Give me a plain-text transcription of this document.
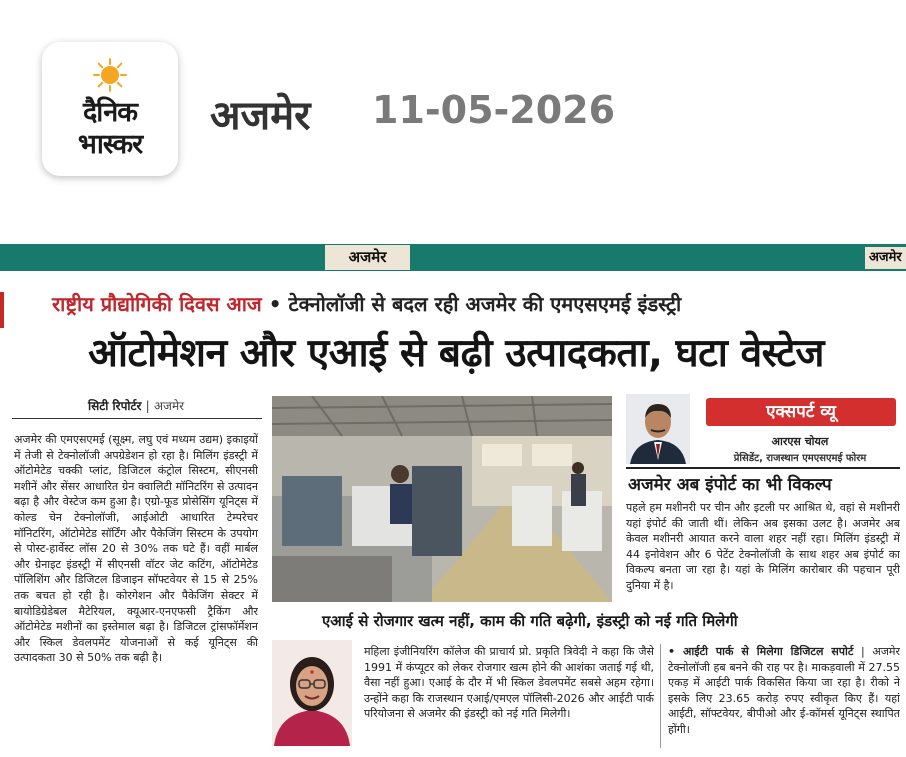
दैनिक
भास्कर
अजमेर 11-05-2026
अजमेर	अजमेर
राष्ट्रीय प्रौद्योगिकी दिवस आज • टेक्नोलॉजी से बदल रही अजमेर की एमएसएमई इंडस्ट्री
ऑटोमेशन और एआई से बढ़ी उत्पादकता, घटा वेस्टेज
सिटी रिपोर्टर | अजमेर
अजमेर की एमएसएमई (सूक्ष्म, लघु एवं मध्यम उद्यम) इकाइयों में तेजी से टेक्नोलॉजी अपग्रेडेशन हो रहा है। मिलिंग इंडस्ट्री में ऑटोमेटेड चक्की प्लांट, डिजिटल कंट्रोल सिस्टम, सीएनसी मशीनें और सेंसर आधारित ग्रेन क्वालिटी मॉनिटरिंग से उत्पादन बढ़ा है और वेस्टेज कम हुआ है। एग्रो-फूड प्रोसेसिंग यूनिट्स में कोल्ड चेन टेक्नोलॉजी, आईओटी आधारित टेम्परेचर मॉनिटरिंग, ऑटोमेटेड सॉर्टिंग और पैकेजिंग सिस्टम के उपयोग से पोस्ट-हार्वेस्ट लॉस 20 से 30% तक घटे हैं। वहीं मार्बल और ग्रेनाइट इंडस्ट्री में सीएनसी वॉटर जेट कटिंग, ऑटोमेटेड पॉलिशिंग और डिजिटल डिजाइन सॉफ्टवेयर से 15 से 25% तक बचत हो रही है। कोरगेशन और पैकेजिंग सेक्टर में बायोडिग्रेडेबल मैटेरियल, क्यूआर-एनएफसी ट्रैकिंग और ऑटोमेटेड मशीनों का इस्तेमाल बढ़ा है। डिजिटल ट्रांसफॉर्मेशन और स्किल डेवलपमेंट योजनाओं से कई यूनिट्स की उत्पादकता 30 से 50% तक बढ़ी है।
एक्सपर्ट व्यू
आरएस चोयल
प्रेसिडेंट, राजस्थान एमएसएमई फोरम
अजमेर अब इंपोर्ट का भी विकल्प
पहले हम मशीनरी पर चीन और इटली पर आश्रित थे, वहां से मशीनरी यहां इंपोर्ट की जाती थीं। लेकिन अब इसका उलट है। अजमेर अब केवल मशीनरी आयात करने वाला शहर नहीं रहा। मिलिंग इंडस्ट्री में 44 इनोवेशन और 6 पेटेंट टेक्नोलॉजी के साथ शहर अब इंपोर्ट का विकल्प बनता जा रहा है। यहां के मिलिंग कारोबार की पहचान पूरी दुनिया में है।
एआई से रोजगार खत्म नहीं, काम की गति बढ़ेगी, इंडस्ट्री को नई गति मिलेगी
महिला इंजीनियरिंग कॉलेज की प्राचार्य प्रो. प्रकृति त्रिवेदी ने कहा कि जैसे 1991 में कंप्यूटर को लेकर रोजगार खत्म होने की आशंका जताई गई थी, वैसा नहीं हुआ। एआई के दौर में भी स्किल डेवलपमेंट सबसे अहम रहेगा। उन्होंने कहा कि राजस्थान एआई/एमएल पॉलिसी-2026 और आईटी पार्क परियोजना से अजमेर की इंडस्ट्री को नई गति मिलेगी।
• आईटी पार्क से मिलेगा डिजिटल सपोर्ट | अजमेर टेक्नोलॉजी हब बनने की राह पर है। माकड़वाली में 27.55 एकड़ में आईटी पार्क विकसित किया जा रहा है। रीको ने इसके लिए 23.65 करोड़ रुपए स्वीकृत किए हैं। यहां आईटी, सॉफ्टवेयर, बीपीओ और ई-कॉमर्स यूनिट्स स्थापित होंगी।
